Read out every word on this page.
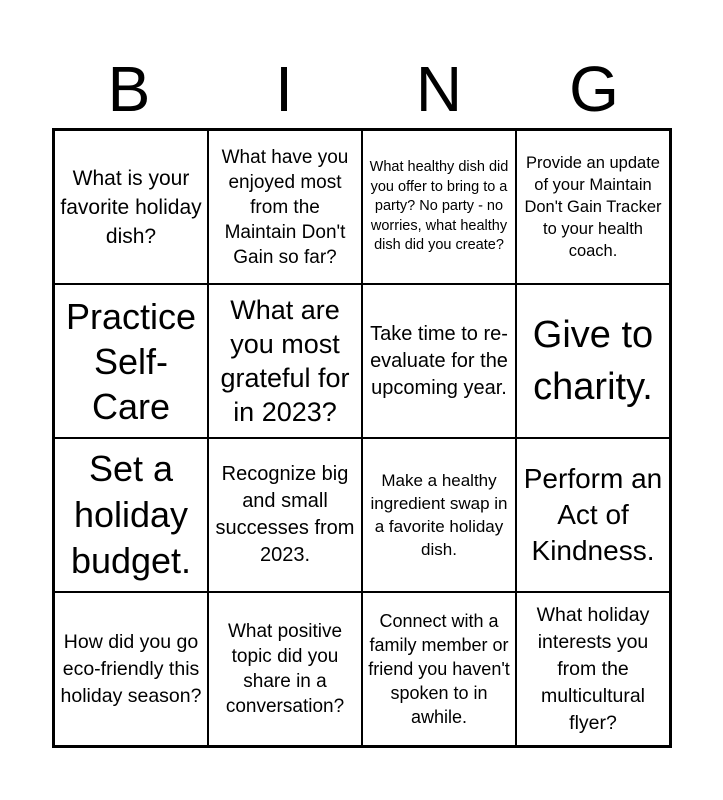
B	I	N	G
What is your favorite holiday dish?
What have you enjoyed most from the Maintain Don't Gain so far?
What healthy dish did you offer to bring to a party? No party - no worries, what healthy dish did you create?
Provide an update of your Maintain Don't Gain Tracker to your health coach.
Practice Self-Care
What are you most grateful for in 2023?
Take time to re-evaluate for the upcoming year.
Give to charity.
Set a holiday budget.
Recognize big and small successes from 2023.
Make a healthy ingredient swap in a favorite holiday dish.
Perform an Act of Kindness.
How did you go eco-friendly this holiday season?
What positive topic did you share in a conversation?
Connect with a family member or friend you haven't spoken to in awhile.
What holiday interests you from the multicultural flyer?
